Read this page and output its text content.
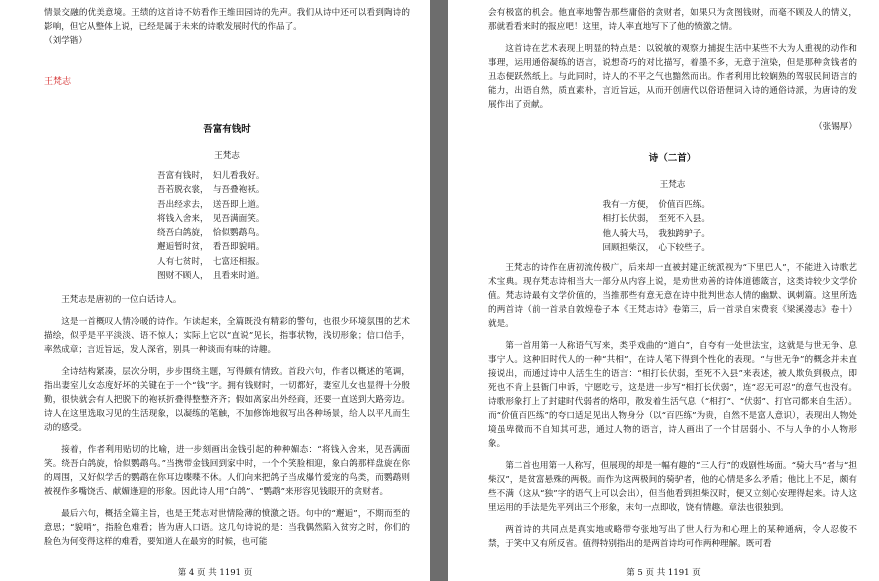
情景交融的优美意境。王绩的这首诗不妨看作王维田园诗的先声。我们从诗中还可以看到陶诗的影响，但它从整体上说，已经是属于未来的诗歌发展时代的作品了。

（刘学锴）

王梵志

吾富有钱时

王梵志

吾富有钱时，　妇儿看我好。
吾若脱衣裳，　与吾叠袍袄。
吾出经求去，　送吾即上道。
将钱入舍来，　见吾满面笑。
绕吾白鸽旋，　恰似鹦鹉鸟。
邂逅暂时贫，　看吾即貌哨。
人有七贫时，　七富还相报。
图财不顾人，　且看来时道。

王梵志是唐初的一位白话诗人。

这是一首概叹人情冷暖的诗作。乍读起来，全篇既没有精彩的警句，也很少环境氛围的艺术描绘，似乎是平平淡淡、语不惊人；实际上它以“直说”见长，指事状物，浅切形象；信口信手，率然成章；言近旨远，发人深省，别具一种谈而有味的诗趣。

全诗结构紧凑，层次分明，步步围绕主题，写得颇有情致。首段六句，作者以概述的笔调，指出妻室儿女态度好坏的关键在于一个“钱”字。拥有钱财时，一切都好，妻室儿女也显得十分殷勤，很快就会有人把脱下的袍袄折叠得整整齐齐；假如离家出外经商，还要一直送到大路旁边。诗人在这里选取习见的生活现象，以凝练的笔触，不加修饰地叙写出各种场景，给人以平凡而生动的感受。

接着，作者利用贴切的比喻，进一步刻画出金钱引起的种种媚态：“将钱入舍来，见吾满面笑。绕吾白鸽旋，恰似鹦鹉鸟。”当携带金钱回到家中时，一个个笑脸相迎，象白鸽那样盘旋在你的周围，又好似学舌的鹦鹉在你耳边喋喋不休。人们向来把鸽子当成爆竹爱宠的鸟类，而鹦鹉则被视作多嘴饶舌、献媚逢迎的形象。因此诗人用“白鸽”、“鹦鹉”来形容见钱眼开的贪财者。

最后六句，概括全篇主旨，也是王梵志对世情险薄的愤激之语。句中的“邂逅”，不期而至的意思；“貌哨”，指脸色难看；皆为唐人口语。这几句诗说的是：当我偶然陷入贫穷之时，你们的脸色为何变得这样的难看，要知道人在最穷的时候，也可能

第 4 页 共 1191 页

会有极富的机会。他直率地警告那些庸俗的贪财者，如果只为贪图钱财，而毫不顾及人的情义，那就看看来时的报应吧！这里，诗人率直地写下了他的愤激之情。

这首诗在艺术表现上明显的特点是：以锐敏的观察力捕捉生活中某些不大为人重视的动作和事理，运用通俗凝练的语言，说想奇巧的对比描写，着墨不多，无意于渲染，但是那种贪钱者的丑态便跃然纸上。与此同时，诗人的不平之气也黯然而出。作者利用比较娴熟的驾驭民间语言的能力，出语自然，质直素朴，言近旨远，从而开创唐代以俗语俚词入诗的通俗诗派，为唐诗的发展作出了贡献。

（张锡厚）

诗（二首）

王梵志

我有一方便，　价值百匹练。
相打长伏弱，　至死不入县。
他人骑大马，　我独跨驴子。
回顾担柴汉，　心下较些子。

王梵志的诗作在唐初流传极广，后来却一直被封建正统派视为“下里巴人”，不能进入诗歌艺术宝典。现存梵志诗相当大一部分从内容上说，是劝世劝善的诗体道德箴言，这类诗较少文学价值。梵志诗最有文学价值的，当推那些有意无意在诗中批判世态人情的幽默、讽刺篇。这里所选的两首诗（前一首录自敦煌卷子本《王梵志诗》卷第三，后一首录自宋费衮《梁溪漫志》卷十）就是。

第一首用第一人称语气写来，类乎戏曲的“道白”，自夸有一处世法宝，这就是与世无争、息事宁人。这种旧时代人的一种“共相”，在诗人笔下得到个性化的表现。“与世无争”的概念并未直接说出，而通过诗中人活生生的语言：“相打长伏弱，至死不入县”来表述，被人欺负到极点，即死也不肯上县衙门申诉，宁愿吃亏，这是进一步写“相打长伏弱”，连“忍无可忍”的意气也没有。诗歌形象打上了封建时代弱者的烙印，散发着生活气息（“相打”、“伏弱”、打官司都来自生活）。而“价值百匹练”的夸口适足见出人物身分（以“百匹练”为贵，自然不是富人意识），表现出人物处境虽卑微而不自知其可悲，通过人物的语言，诗人画出了一个甘居弱小、不与人争的小人物形象。

第二首也用第一人称写，但展现的却是一幅有趣的“三人行”的戏剧性场面。“骑大马”者与“担柴汉”，是贫富悬殊的两极。而作为这两极间的骑驴者，他的心情是多么矛盾；他比上不足，颇有些不满（这从“独”字的语气上可以会出），但当他看到担柴汉时，便又立刻心安理得起来。诗人这里运用的手法是先平列出三个形象，末句一点即收，饶有情趣。章法也很独到。

两首诗的共同点是真实地或略带夸张地写出了世人行为和心理上的某种通病，令人忍俊不禁，于笑中又有所反省。值得特别指出的是两首诗均可作两种理解。既可看

第 5 页 共 1191 页
